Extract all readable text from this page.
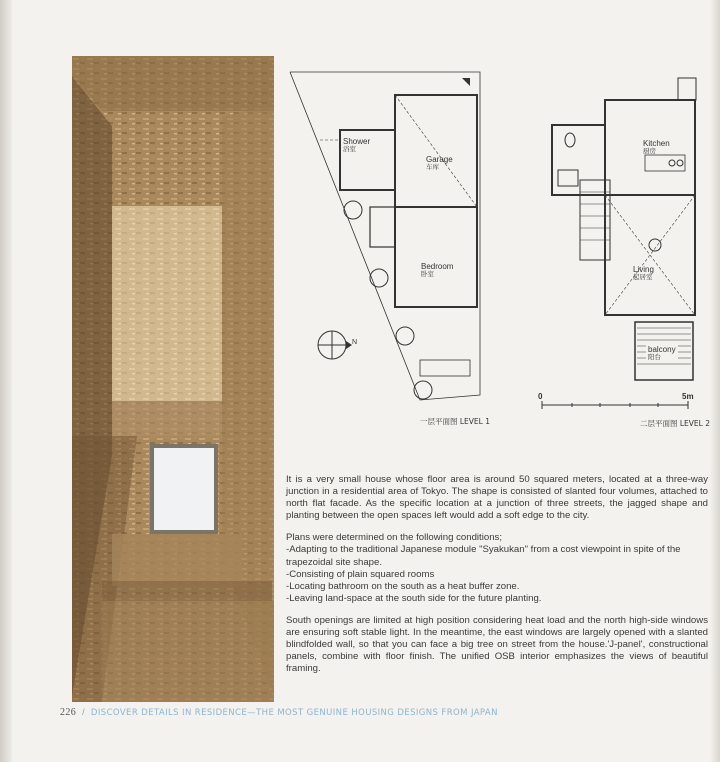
Shower
浴室
Garage
车库
Bedroom
卧室
N
Kitchen
厨房
Living
起居室
balcony
阳台
0	5m
一层平面图 LEVEL 1	二层平面图 LEVEL 2

It is a very small house whose floor area is around 50 squared meters, located at a three-way junction in a residential area of Tokyo. The shape is consisted of slanted four volumes, attached to north flat facade. As the specific location at a junction of three streets, the jagged shape and planting between the open spaces left would add a soft edge to the city.

Plans were determined on the following conditions;
-Adapting to the traditional Japanese module "Syakukan" from a cost viewpoint in spite of the trapezoidal site shape.
-Consisting of plain squared rooms
-Locating bathroom on the south as a heat buffer zone.
-Leaving land-space at the south side for the future planting.

South openings are limited at high position considering heat load and the north high-side windows are ensuring soft stable light. In the meantime, the east windows are largely opened with a slanted blindfolded wall, so that you can face a big tree on street from the house.'J-panel', constructional panels, combine with floor finish. The unified OSB interior emphasizes the views of beautiful framing.

226 / DISCOVER DETAILS IN RESIDENCE—THE MOST GENUINE HOUSING DESIGNS FROM JAPAN
